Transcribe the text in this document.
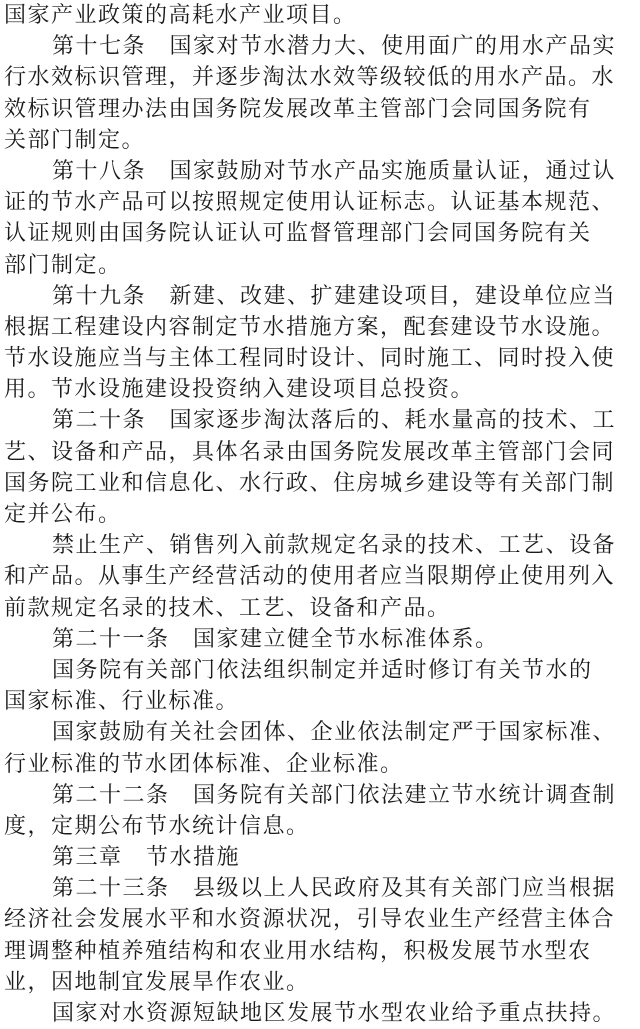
国家产业政策的高耗水产业项目。
第十七条　国家对节水潜力大、使用面广的用水产品实
行水效标识管理，并逐步淘汰水效等级较低的用水产品。水
效标识管理办法由国务院发展改革主管部门会同国务院有
关部门制定。
第十八条　国家鼓励对节水产品实施质量认证，通过认
证的节水产品可以按照规定使用认证标志。认证基本规范、
认证规则由国务院认证认可监督管理部门会同国务院有关
部门制定。
第十九条　新建、改建、扩建建设项目，建设单位应当
根据工程建设内容制定节水措施方案，配套建设节水设施。
节水设施应当与主体工程同时设计、同时施工、同时投入使
用。节水设施建设投资纳入建设项目总投资。
第二十条　国家逐步淘汰落后的、耗水量高的技术、工
艺、设备和产品，具体名录由国务院发展改革主管部门会同
国务院工业和信息化、水行政、住房城乡建设等有关部门制
定并公布。
禁止生产、销售列入前款规定名录的技术、工艺、设备
和产品。从事生产经营活动的使用者应当限期停止使用列入
前款规定名录的技术、工艺、设备和产品。
第二十一条　国家建立健全节水标准体系。
国务院有关部门依法组织制定并适时修订有关节水的
国家标准、行业标准。
国家鼓励有关社会团体、企业依法制定严于国家标准、
行业标准的节水团体标准、企业标准。
第二十二条　国务院有关部门依法建立节水统计调查制
度，定期公布节水统计信息。
第三章　节水措施
第二十三条　县级以上人民政府及其有关部门应当根据
经济社会发展水平和水资源状况，引导农业生产经营主体合
理调整种植养殖结构和农业用水结构，积极发展节水型农
业，因地制宜发展旱作农业。
国家对水资源短缺地区发展节水型农业给予重点扶持。
